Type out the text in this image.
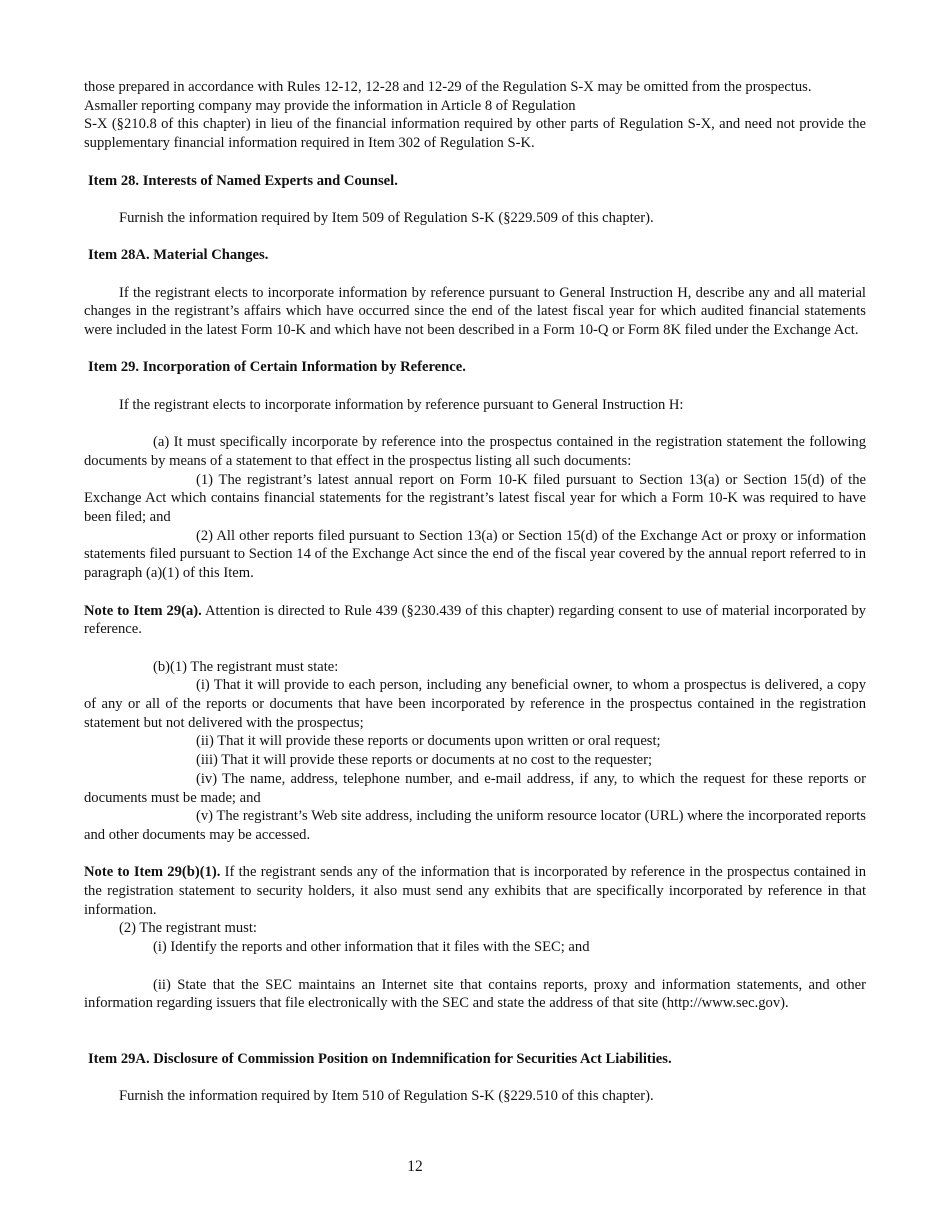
those prepared in accordance with Rules 12-12, 12-28 and 12-29 of the Regulation S-X may be omitted from the prospectus.

Asmaller reporting company may provide the information in Article 8 of Regulation

S-X (§210.8 of this chapter) in lieu of the financial information required by other parts of Regulation S-X, and need not provide the supplementary financial information required in Item 302 of Regulation S-K.

Item 28. Interests of Named Experts and Counsel.

Furnish the information required by Item 509 of Regulation S-K (§229.509 of this chapter).

Item 28A. Material Changes.

If the registrant elects to incorporate information by reference pursuant to General Instruction H, describe any and all material changes in the registrant’s affairs which have occurred since the end of the latest fiscal year for which audited financial statements were included in the latest Form 10-K and which have not been described in a Form 10-Q or Form 8K filed under the Exchange Act.

Item 29. Incorporation of Certain Information by Reference.

If the registrant elects to incorporate information by reference pursuant to General Instruction H:

(a) It must specifically incorporate by reference into the prospectus contained in the registration statement the following documents by means of a statement to that effect in the prospectus listing all such documents:

(1) The registrant’s latest annual report on Form 10-K filed pursuant to Section 13(a) or Section 15(d) of the Exchange Act which contains financial statements for the registrant’s latest fiscal year for which a Form 10-K was required to have been filed; and

(2) All other reports filed pursuant to Section 13(a) or Section 15(d) of the Exchange Act or proxy or information statements filed pursuant to Section 14 of the Exchange Act since the end of the fiscal year covered by the annual report referred to in paragraph (a)(1) of this Item.

Note to Item 29(a). Attention is directed to Rule 439 (§230.439 of this chapter) regarding consent to use of material incorporated by reference.

(b)(1) The registrant must state:

(i) That it will provide to each person, including any beneficial owner, to whom a prospectus is delivered, a copy of any or all of the reports or documents that have been incorporated by reference in the prospectus contained in the registration statement but not delivered with the prospectus;

(ii) That it will provide these reports or documents upon written or oral request;

(iii) That it will provide these reports or documents at no cost to the requester;

(iv) The name, address, telephone number, and e-mail address, if any, to which the request for these reports or documents must be made; and

(v) The registrant’s Web site address, including the uniform resource locator (URL) where the incorporated reports and other documents may be accessed.

Note to Item 29(b)(1). If the registrant sends any of the information that is incorporated by reference in the prospectus contained in the registration statement to security holders, it also must send any exhibits that are specifically incorporated by reference in that information.

(2) The registrant must:

(i) Identify the reports and other information that it files with the SEC; and

(ii) State that the SEC maintains an Internet site that contains reports, proxy and information statements, and other information regarding issuers that file electronically with the SEC and state the address of that site (http://www.sec.gov).

Item 29A. Disclosure of Commission Position on Indemnification for Securities Act Liabilities.

Furnish the information required by Item 510 of Regulation S-K (§229.510 of this chapter).

12
